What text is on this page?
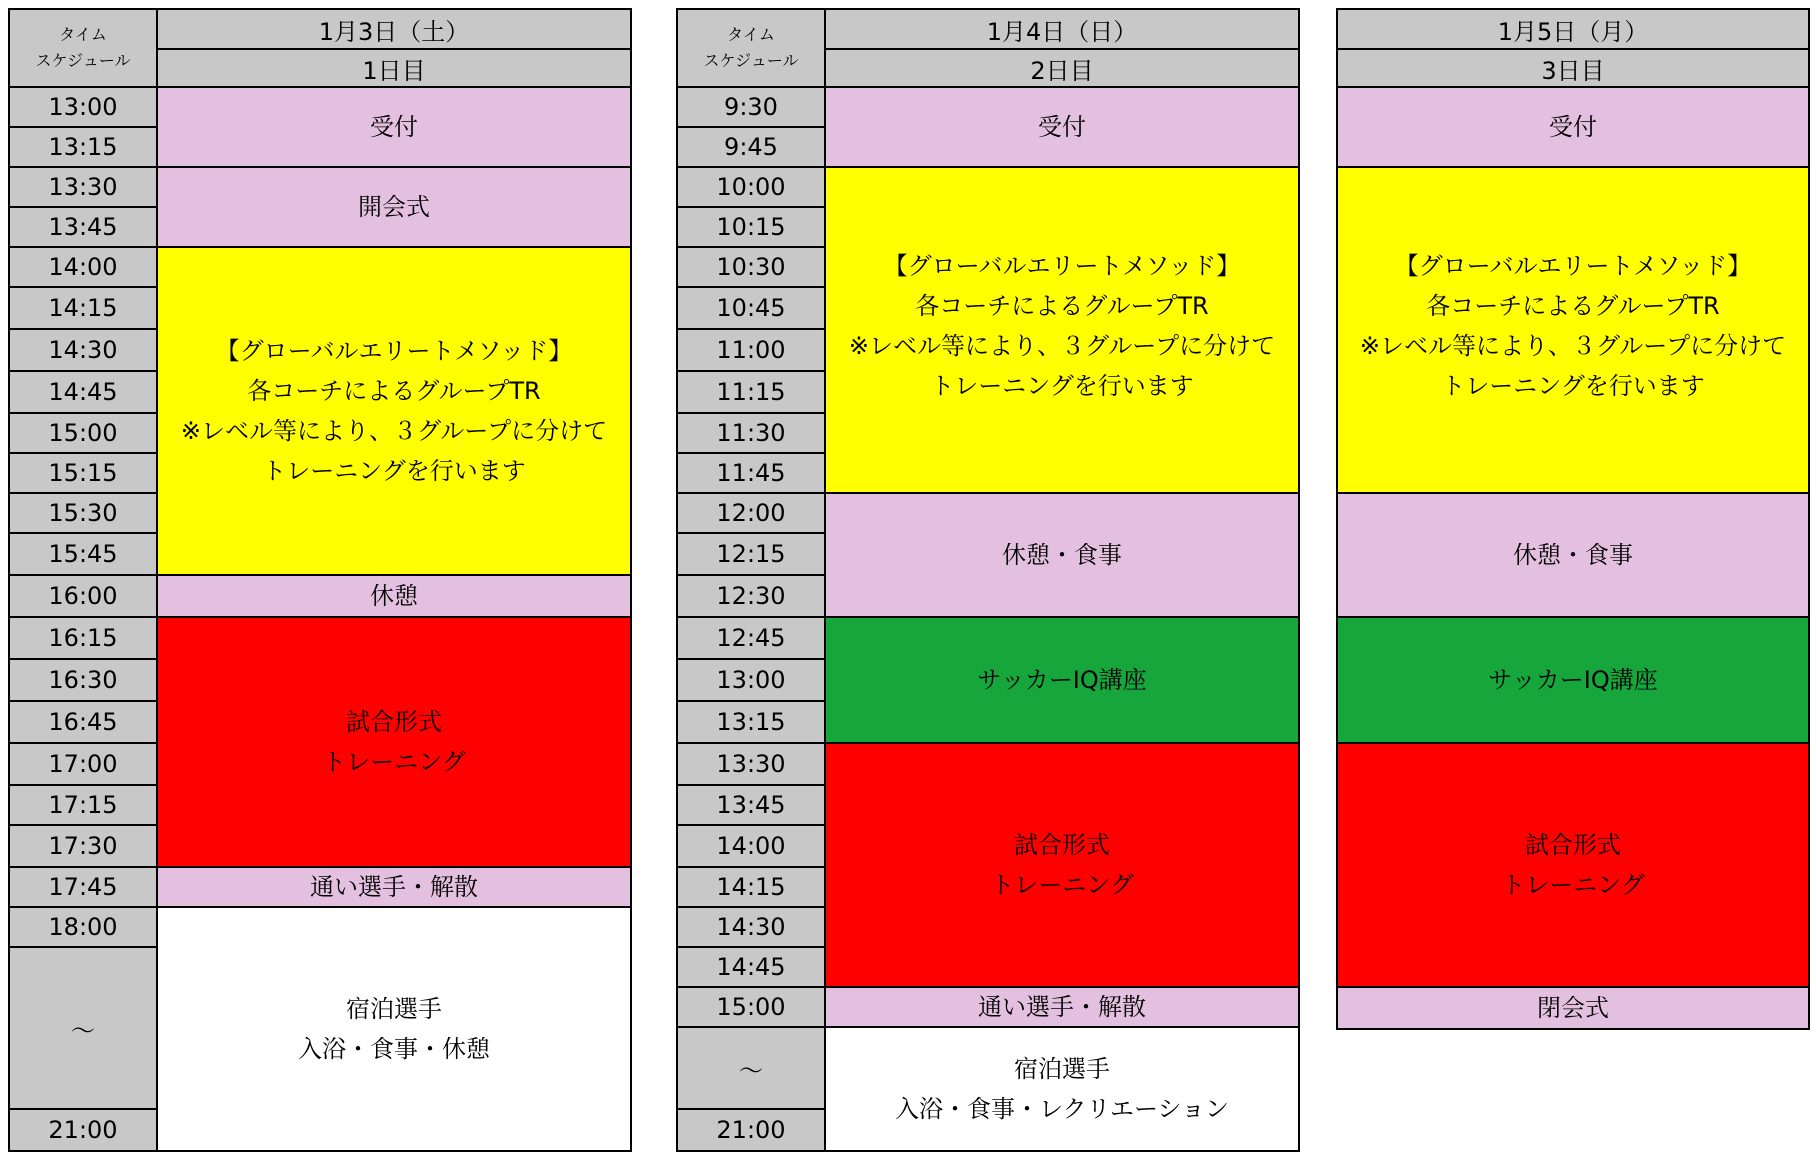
タイム
スケジュール
1月3日（土）
1日目
13:00
13:15
13:30
13:45
14:00
14:15
14:30
14:45
15:00
15:15
15:30
15:45
16:00
16:15
16:30
16:45
17:00
17:15
17:30
17:45
18:00
～
21:00
受付
開会式
【グローバルエリートメソッド】
各コーチによるグループTR
※レベル等により、３グループに分けて
トレーニングを行います
休憩
試合形式
トレーニング
通い選手・解散
宿泊選手
入浴・食事・休憩
タイム
スケジュール
1月4日（日）
2日目
9:30
9:45
10:00
10:15
10:30
10:45
11:00
11:15
11:30
11:45
12:00
12:15
12:30
12:45
13:00
13:15
13:30
13:45
14:00
14:15
14:30
14:45
15:00
～
21:00
受付
【グローバルエリートメソッド】
各コーチによるグループTR
※レベル等により、３グループに分けて
トレーニングを行います
休憩・食事
サッカーIQ講座
試合形式
トレーニング
通い選手・解散
宿泊選手
入浴・食事・レクリエーション
1月5日（月）
3日目
受付
【グローバルエリートメソッド】
各コーチによるグループTR
※レベル等により、３グループに分けて
トレーニングを行います
休憩・食事
サッカーIQ講座
試合形式
トレーニング
閉会式
